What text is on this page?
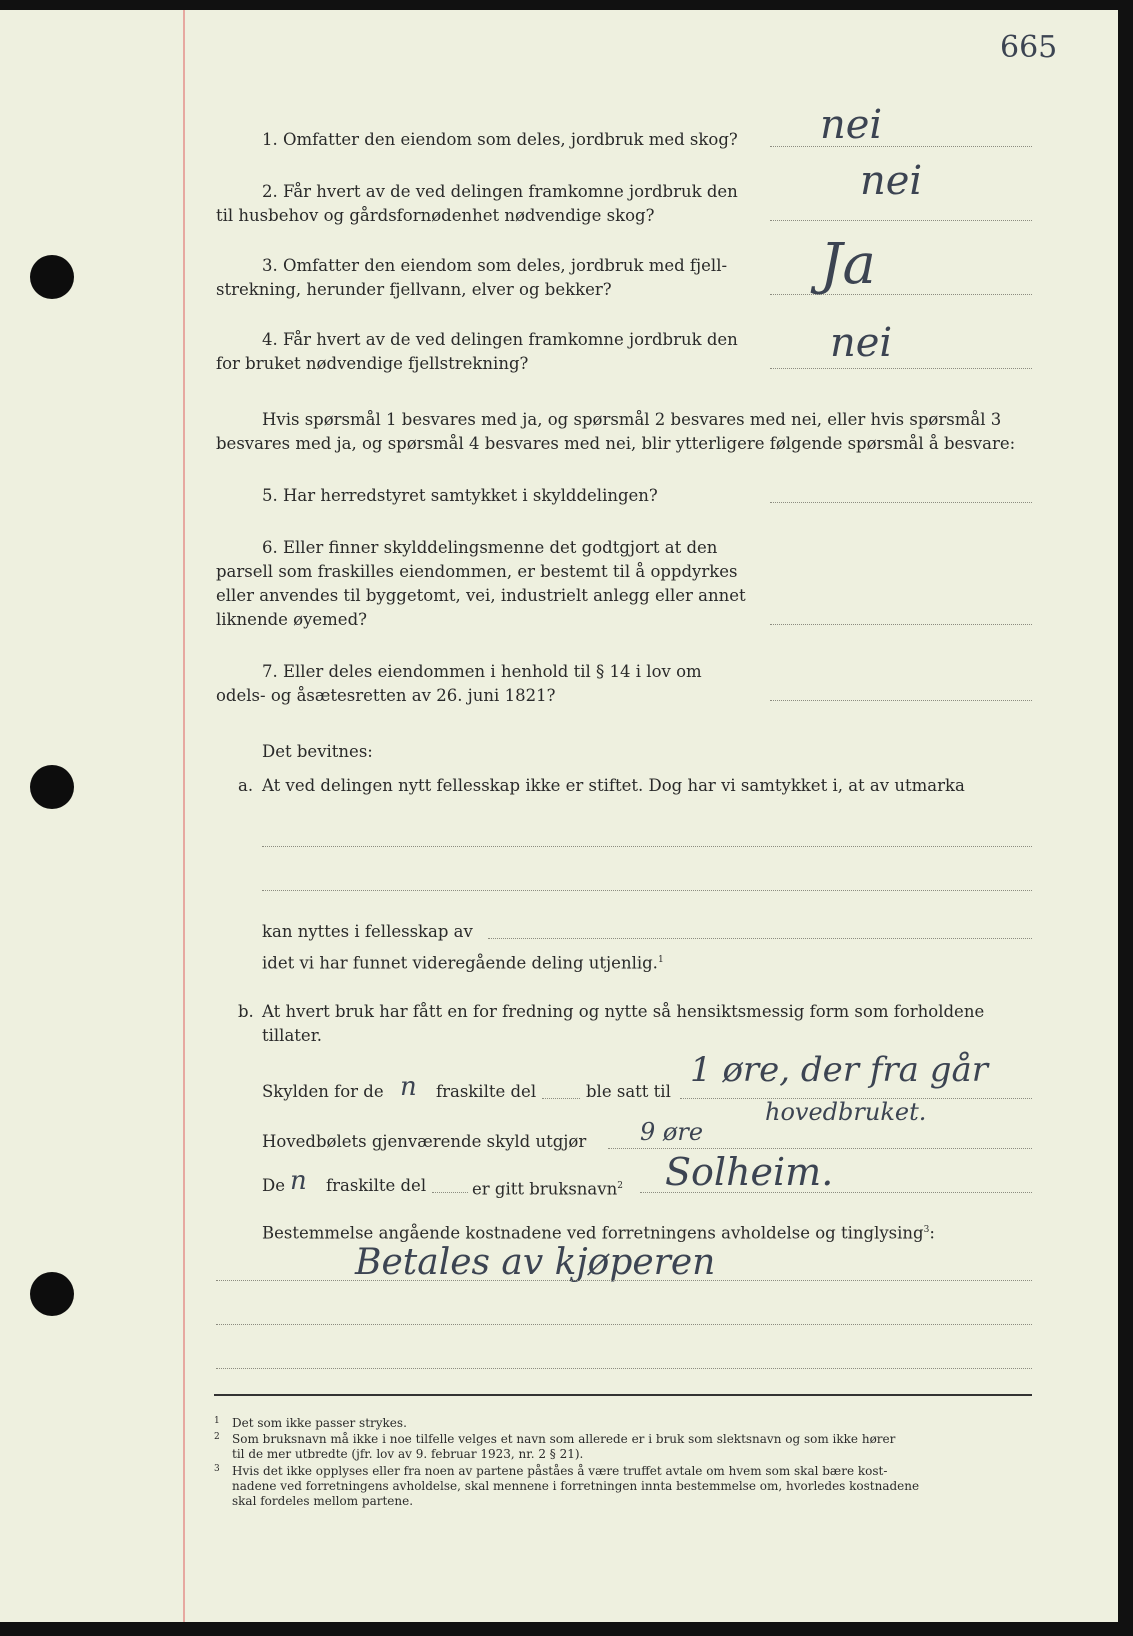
665
1. Omfatter den eiendom som deles, jordbruk med skog? nei
2. Får hvert av de ved delingen framkomne jordbruk den
til husbehov og gårdsfornødenhet nødvendige skog?
nei
3. Omfatter den eiendom som deles, jordbruk med fjell-
strekning, herunder fjellvann, elver og bekker?	Ja
4. Får hvert av de ved delingen framkomne jordbruk den
for bruket nødvendige fjellstrekning?	nei
Hvis spørsmål 1 besvares med ja, og spørsmål 2 besvares med nei, eller hvis spørsmål 3
besvares med ja, og spørsmål 4 besvares med nei, blir ytterligere følgende spørsmål å besvare:
5. Har herredstyret samtykket i skylddelingen?
6. Eller finner skylddelingsmenne det godtgjort at den
parsell som fraskilles eiendommen, er bestemt til å oppdyrkes
eller anvendes til byggetomt, vei, industrielt anlegg eller annet
liknende øyemed?
7. Eller deles eiendommen i henhold til § 14 i lov om
odels- og åsætesretten av 26. juni 1821?
Det bevitnes:
a. At ved delingen nytt fellesskap ikke er stiftet. Dog har vi samtykket i, at av utmarka
kan nyttes i fellesskap av
idet vi har funnet videregående deling utjenlig.$^1$
b. At hvert bruk har fått en for fredning og nytte så hensiktsmessig form som forholdene
tillater.
Skylden for de n fraskilte del	ble satt til
1 øre, der fra går
hovedbruket.
Hovedbølets gjenværende skyld utgjør 9 øre
De n fraskilte del	er gitt bruksnavn$^2$ Solheim.
Bestemmelse angående kostnadene ved forretningens avholdelse og tinglysing$^3$:
Betales av kjøperen
$^1$ Det som ikke passer strykes.
$^2$ Som bruksnavn må ikke i noe tilfelle velges et navn som allerede er i bruk som slektsnavn og som ikke hører
til de mer utbredte (jfr. lov av 9. februar 1923, nr. 2 § 21).
$^3$ Hvis det ikke opplyses eller fra noen av partene påståes å være truffet avtale om hvem som skal bære kost-
nadene ved forretningens avholdelse, skal mennene i forretningen innta bestemmelse om, hvorledes kostnadene
skal fordeles mellom partene.
